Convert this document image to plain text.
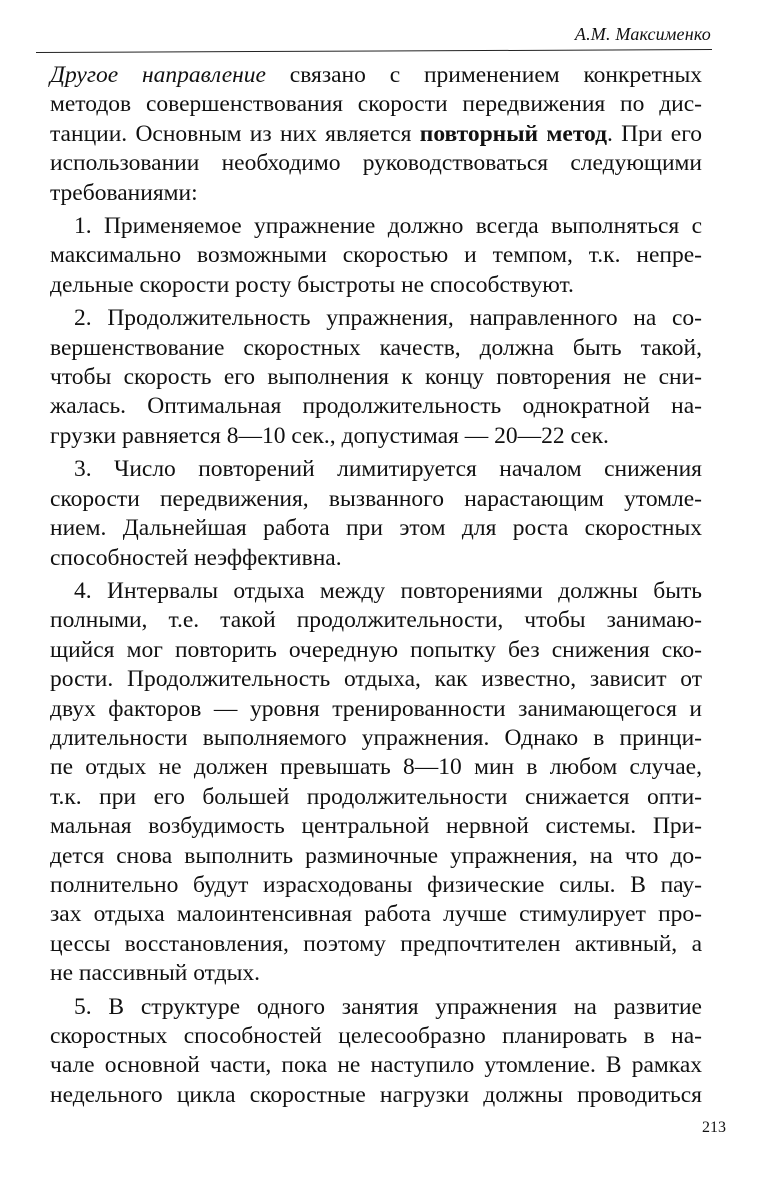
А.М. Максименко

Другое направление связано с применением конкретных
методов совершенствования скорости передвижения по дис-
танции. Основным из них является повторный метод. При его
использовании необходимо руководствоваться следующими
требованиями:

1. Применяемое упражнение должно всегда выполняться с
максимально возможными скоростью и темпом, т.к. непре-
дельные скорости росту быстроты не способствуют.

2. Продолжительность упражнения, направленного на со-
вершенствование скоростных качеств, должна быть такой,
чтобы скорость его выполнения к концу повторения не сни-
жалась. Оптимальная продолжительность однократной на-
грузки равняется 8—10 сек., допустимая — 20—22 сек.

3. Число повторений лимитируется началом снижения
скорости передвижения, вызванного нарастающим утомле-
нием. Дальнейшая работа при этом для роста скоростных
способностей неэффективна.

4. Интервалы отдыха между повторениями должны быть
полными, т.е. такой продолжительности, чтобы занимаю-
щийся мог повторить очередную попытку без снижения ско-
рости. Продолжительность отдыха, как известно, зависит от
двух факторов — уровня тренированности занимающегося и
длительности выполняемого упражнения. Однако в принци-
пе отдых не должен превышать 8—10 мин в любом случае,
т.к. при его большей продолжительности снижается опти-
мальная возбудимость центральной нервной системы. При-
дется снова выполнить разминочные упражнения, на что до-
полнительно будут израсходованы физические силы. В пау-
зах отдыха малоинтенсивная работа лучше стимулирует про-
цессы восстановления, поэтому предпочтителен активный, а
не пассивный отдых.

5. В структуре одного занятия упражнения на развитие
скоростных способностей целесообразно планировать в на-
чале основной части, пока не наступило утомление. В рамках
недельного цикла скоростные нагрузки должны проводиться

213
